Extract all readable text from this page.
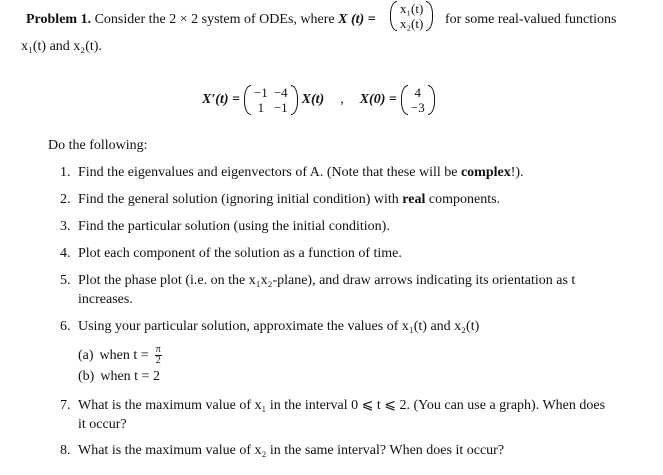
Problem 1. Consider the 2 × 2 system of ODEs, where X (t) =
x₁(t)
x₂(t) for some real-valued functions
x₁(t) and x₂(t).
X′(t) = −1	−4
1	−1
X(t) , X(0) = 4
−3
Do the following:
1. Find the eigenvalues and eigenvectors of A. (Note that these will be complex!).
2. Find the general solution (ignoring initial condition) with real components.
3. Find the particular solution (using the initial condition).
4. Plot each component of the solution as a function of time.
5. Plot the phase plot (i.e. on the x₁x₂-plane), and draw arrows indicating its orientation as t
increases.
6. Using your particular solution, approximate the values of x₁(t) and x₂(t)
(a) when $t = \frac{\pi}{2}$
(b) when t = 2
7. What is the maximum value of x₁ in the interval 0 ⩽ t ⩽ 2. (You can use a graph). When does
it occur?
8. What is the maximum value of x₂ in the same interval? When does it occur?
